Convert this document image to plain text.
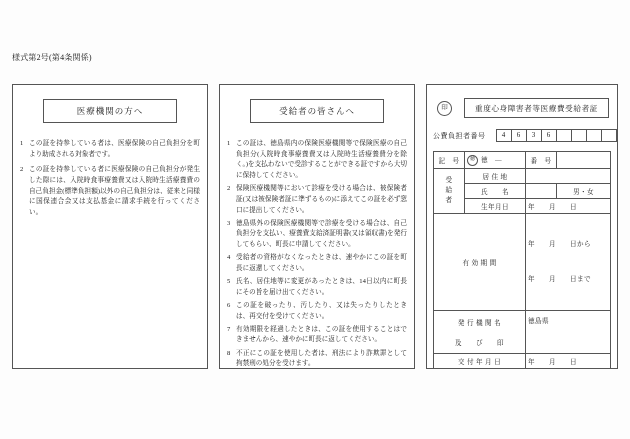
様式第2号(第4条関係)
医療機関の方へ
1 この証を持参している者は、医療保険の自己負担分を町より助成される対象者です。
2 この証を持参している者に医療保険の自己負担分が発生した際には、入院時食事療養費又は入院時生活療養費の自己負担金(標準負担額)以外の自己負担分は、従来と同様に国保連合会又は支払基金に請求手続を行ってください。
受給者の皆さんへ
1 この証は、徳島県内の保険医療機関等で保険医療の自己負担分(入院時食事療養費又は入院時生活療養費分を除く。)を支払わないで受診することができる証ですから大切に保持してください。
2 保険医療機関等において診療を受ける場合は、被保険者証(又は被保険者証に準ずるもの)に添えてこの証を必ず窓口に提出してください。
3 徳島県外の保険医療機関等で診療を受ける場合は、自己負担分を支払い、療養費支給済証明書(又は領収書)を発行してもらい、町長に申請してください。
4 受給者の資格がなくなったときは、速やかにこの証を町長に返還してください。
5 氏名、居住地等に変更があったときは、14日以内に町長にその旨を届け出てください。
6 この証を破ったり、汚したり、又は失ったりしたときは、再交付を受けてください。
7 有効期限を経過したときは、この証を使用することはできませんから、速やかに町長に返してください。
8 不正にこの証を使用した者は、刑法により詐欺罪として拘禁刑の処分を受けます。
印	重度心身障害者等医療費受給者証
公費負担者番号	4	6	3	6
記　号	徳 徳　―	番　号	

受
給
者	居 住 地		
	氏　　名		男・女
	生年月日	年　　月　　日	
有 効 期 間		年　　月　　日から

年　　月　　日まで	

発 行 機 関 名
及　　び　　印		徳島県	
交 付 年 月 日		年　　月　　日	
